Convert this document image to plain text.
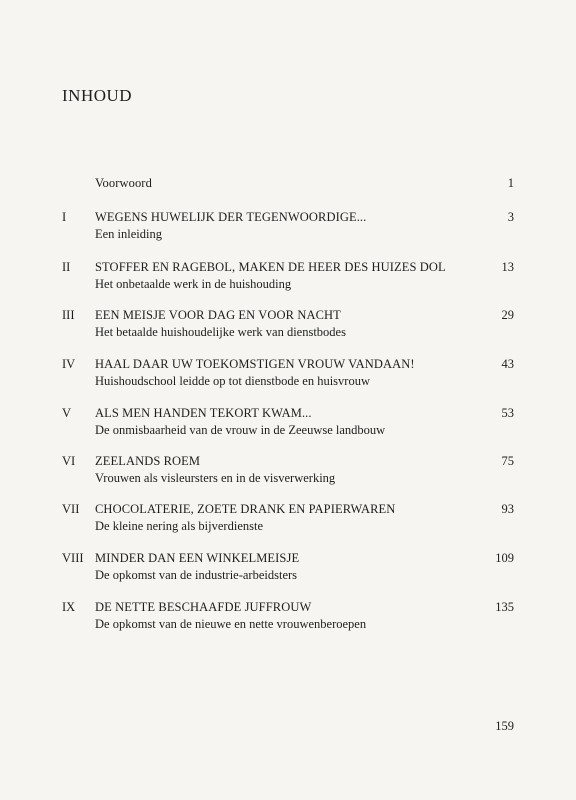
INHOUD
Voorwoord	1
I WEGENS HUWELIJK DER TEGENWOORDIGE...
Een inleiding
3
II STOFFER EN RAGEBOL, MAKEN DE HEER DES HUIZES DOL
Het onbetaalde werk in de huishouding
13
III EEN MEISJE VOOR DAG EN VOOR NACHT
Het betaalde huishoudelijke werk van dienstbodes
29
IV HAAL DAAR UW TOEKOMSTIGEN VROUW VANDAAN!
Huishoudschool leidde op tot dienstbode en huisvrouw
43
V ALS MEN HANDEN TEKORT KWAM...
De onmisbaarheid van de vrouw in de Zeeuwse landbouw
53
VI ZEELANDS ROEM
Vrouwen als visleursters en in de visverwerking
75
VII CHOCOLATERIE, ZOETE DRANK EN PAPIERWAREN
De kleine nering als bijverdienste
93
VIII MINDER DAN EEN WINKELMEISJE
De opkomst van de industrie-arbeidsters
109
IX DE NETTE BESCHAAFDE JUFFROUW
De opkomst van de nieuwe en nette vrouwenberoepen
135
159
